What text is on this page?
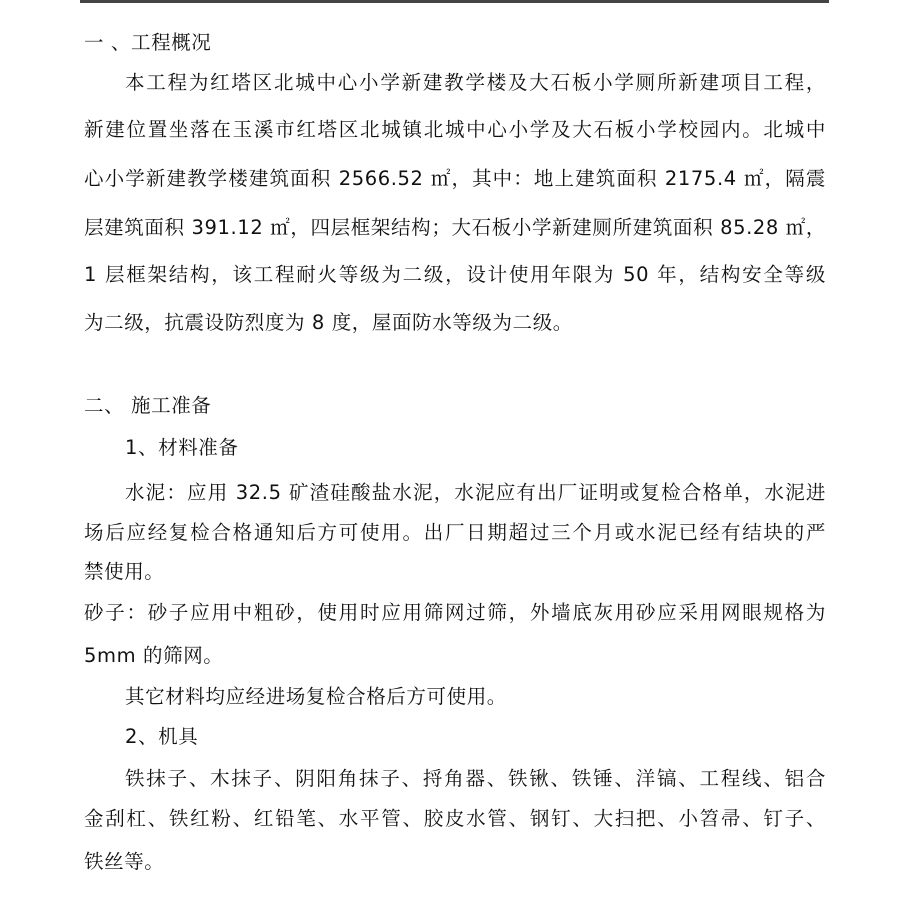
一 、工程概况
本工程为红塔区北城中心小学新建教学楼及大石板小学厕所新建项目工程，
新建位置坐落在玉溪市红塔区北城镇北城中心小学及大石板小学校园内。北城中
心小学新建教学楼建筑面积 2566.52 ㎡，其中：地上建筑面积 2175.4 ㎡，隔震
层建筑面积 391.12 ㎡，四层框架结构；大石板小学新建厕所建筑面积 85.28 ㎡，
1 层框架结构，该工程耐火等级为二级，设计使用年限为 50 年，结构安全等级
为二级，抗震设防烈度为 8 度，屋面防水等级为二级。
二、 施工准备
1、材料准备
水泥：应用 32.5 矿渣硅酸盐水泥，水泥应有出厂证明或复检合格单，水泥进
场后应经复检合格通知后方可使用。出厂日期超过三个月或水泥已经有结块的严
禁使用。
砂子：砂子应用中粗砂，使用时应用筛网过筛，外墙底灰用砂应采用网眼规格为
5mm 的筛网。
其它材料均应经进场复检合格后方可使用。
2、机具
铁抹子、木抹子、阴阳角抹子、捋角器、铁锹、铁锤、洋镐、工程线、铝合
金刮杠、铁红粉、红铅笔、水平管、胶皮水管、钢钉、大扫把、小笤帚、钉子、
铁丝等。
